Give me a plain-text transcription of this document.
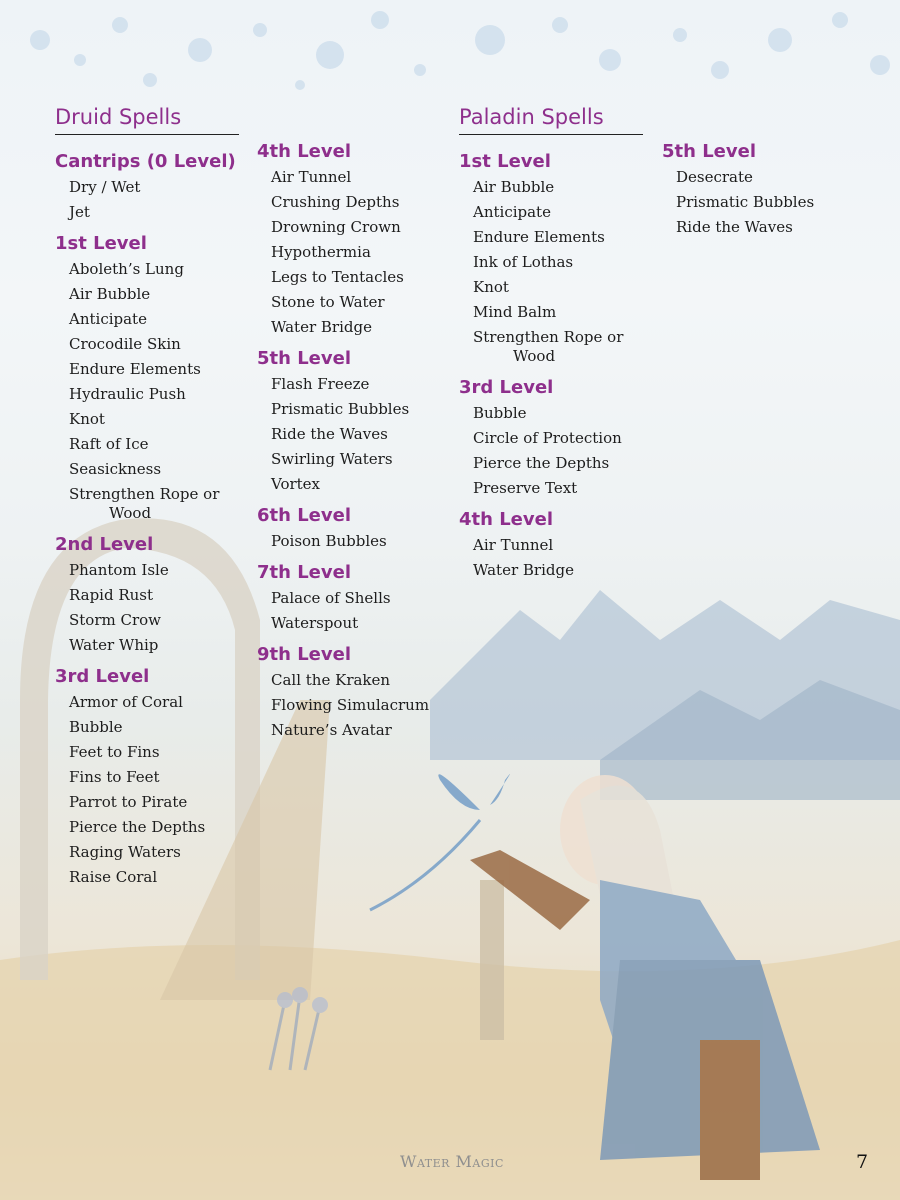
Druid Spells
Cantrips (0 Level)
Dry / Wet
Jet
1st Level
Aboleth’s Lung
Air Bubble
Anticipate
Crocodile Skin
Endure Elements
Hydraulic Push
Knot
Raft of Ice
Seasickness
Strengthen Rope or
Wood
2nd Level
Phantom Isle
Rapid Rust
Storm Crow
Water Whip
3rd Level
Armor of Coral
Bubble
Feet to Fins
Fins to Feet
Parrot to Pirate
Pierce the Depths
Raging Waters
Raise Coral
4th Level
Air Tunnel
Crushing Depths
Drowning Crown
Hypothermia
Legs to Tentacles
Stone to Water
Water Bridge
5th Level
Flash Freeze
Prismatic Bubbles
Ride the Waves
Swirling Waters
Vortex
6th Level
Poison Bubbles
7th Level
Palace of Shells
Waterspout
9th Level
Call the Kraken
Flowing Simulacrum
Nature’s Avatar
Paladin Spells
1st Level
Air Bubble
Anticipate
Endure Elements
Ink of Lothas
Knot
Mind Balm
Strengthen Rope or
Wood
3rd Level
Bubble
Circle of Protection
Pierce the Depths
Preserve Text
4th Level
Air Tunnel
Water Bridge
5th Level
Desecrate
Prismatic Bubbles
Ride the Waves
Water Magic	7
